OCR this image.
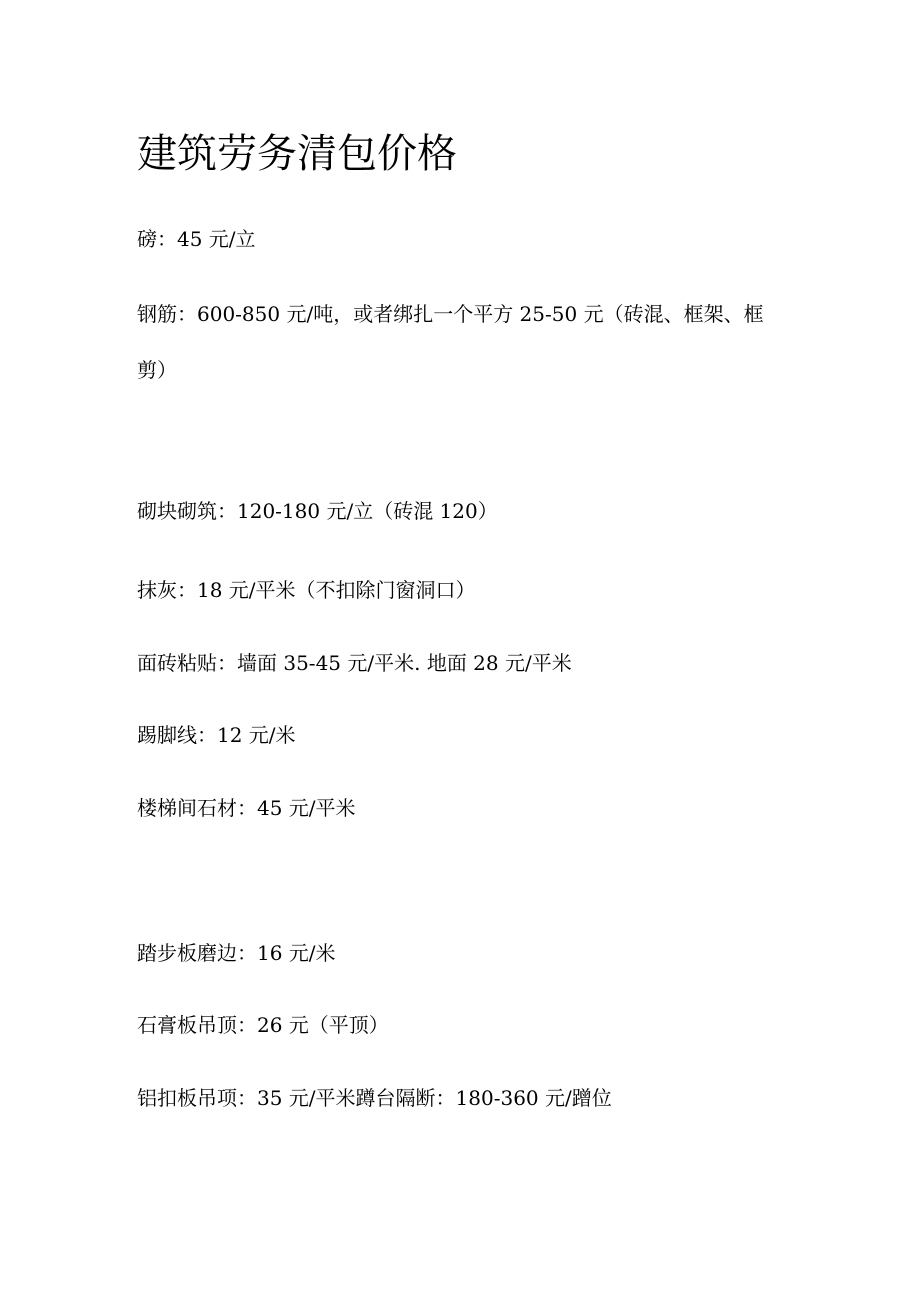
建筑劳务清包价格

磅：45 元/立

钢筋：600-850 元/吨，或者绑扎一个平方 25-50 元（砖混、框架、框剪）

砌块砌筑：120-180 元/立（砖混 120）

抹灰：18 元/平米（不扣除门窗洞口）

面砖粘贴：墙面 35-45 元/平米. 地面 28 元/平米

踢脚线：12 元/米

楼梯间石材：45 元/平米

踏步板磨边：16 元/米

石膏板吊顶：26 元（平顶）

铝扣板吊项：35 元/平米蹲台隔断：180-360 元/蹭位
